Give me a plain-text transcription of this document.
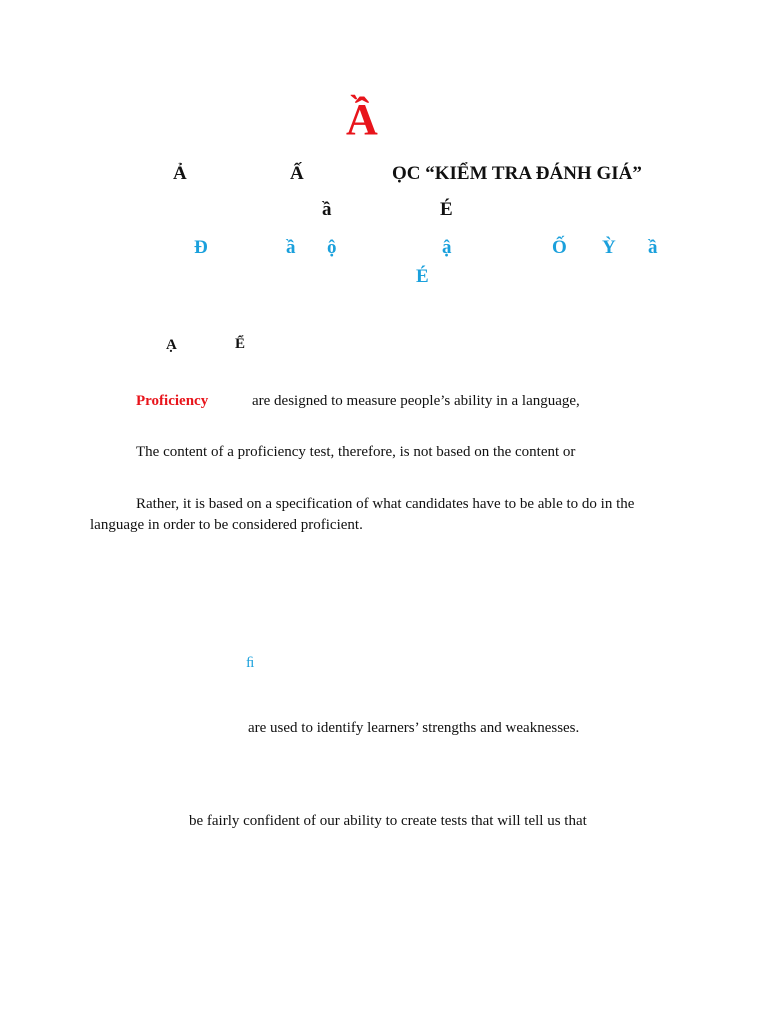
Ầ
Ả	Ấ	ỌC “KIỂM TRA ĐÁNH GIÁ”
ầ	É
Đ	ầ ộ	ậ	Ố Ỳ ầ
É
Ạ	Ể
Proficiency	are designed to measure people’s ability in a language,
The content of a proficiency test, therefore, is not based on the content or
Rather, it is based on a specification of what candidates have to be able to do in the
language in order to be considered proficient.
ﬁ
are used to identify learners’ strengths and weaknesses.
be fairly confident of our ability to create tests that will tell us that
